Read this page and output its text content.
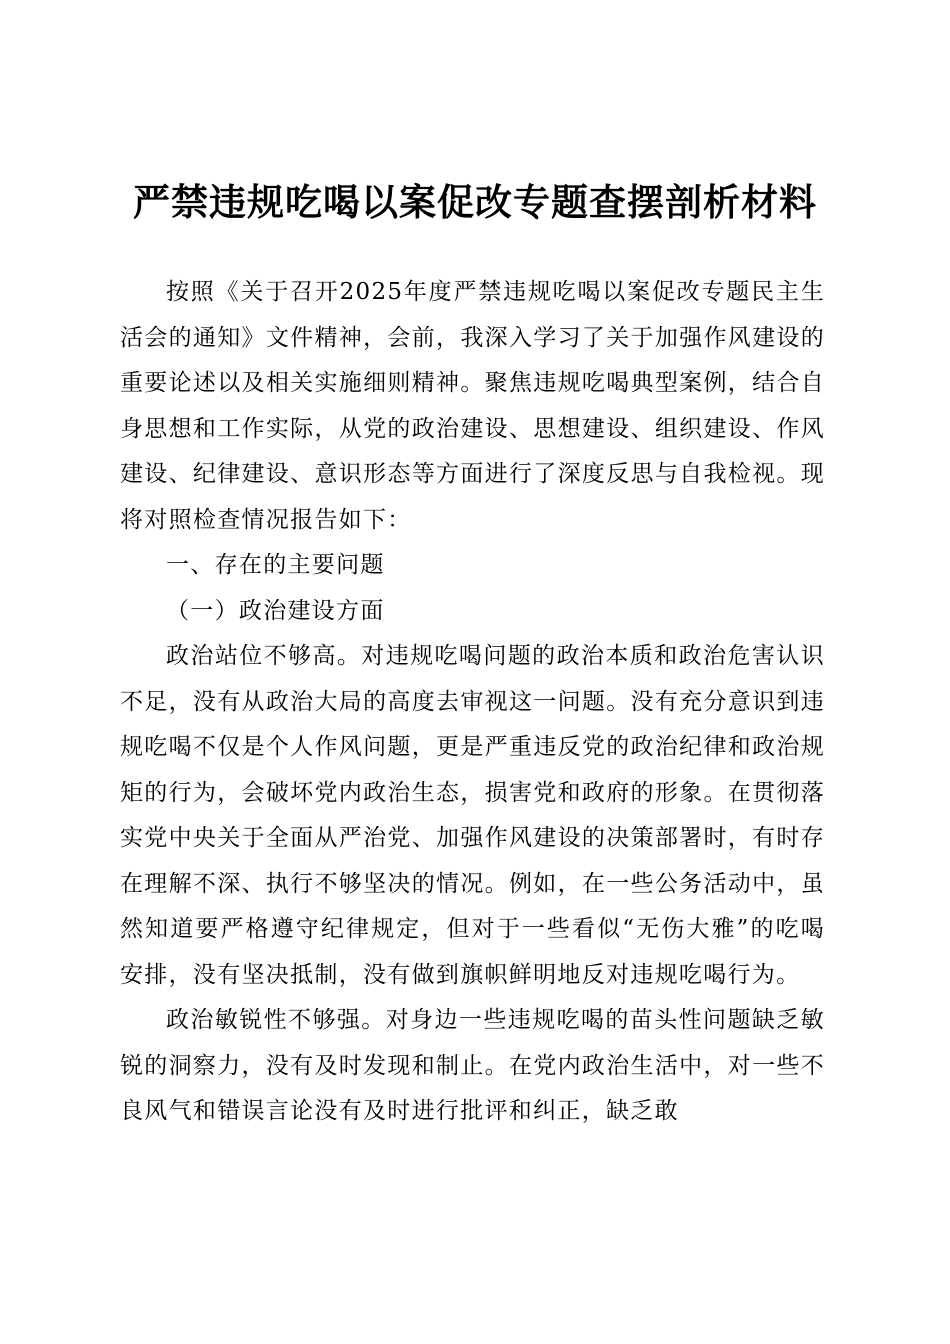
严禁违规吃喝以案促改专题查摆剖析材料

按照《关于召开2025年度严禁违规吃喝以案促改专题民主生活会的通知》文件精神，会前，我深入学习了关于加强作风建设的重要论述以及相关实施细则精神。聚焦违规吃喝典型案例，结合自身思想和工作实际，从党的政治建设、思想建设、组织建设、作风建设、纪律建设、意识形态等方面进行了深度反思与自我检视。现将对照检查情况报告如下：

一、存在的主要问题

（一）政治建设方面

政治站位不够高。对违规吃喝问题的政治本质和政治危害认识不足，没有从政治大局的高度去审视这一问题。没有充分意识到违规吃喝不仅是个人作风问题，更是严重违反党的政治纪律和政治规矩的行为，会破坏党内政治生态，损害党和政府的形象。在贯彻落实党中央关于全面从严治党、加强作风建设的决策部署时，有时存在理解不深、执行不够坚决的情况。例如，在一些公务活动中，虽然知道要严格遵守纪律规定，但对于一些看似“无伤大雅”的吃喝安排，没有坚决抵制，没有做到旗帜鲜明地反对违规吃喝行为。

政治敏锐性不够强。对身边一些违规吃喝的苗头性问题缺乏敏锐的洞察力，没有及时发现和制止。在党内政治生活中，对一些不良风气和错误言论没有及时进行批评和纠正，缺乏敢
